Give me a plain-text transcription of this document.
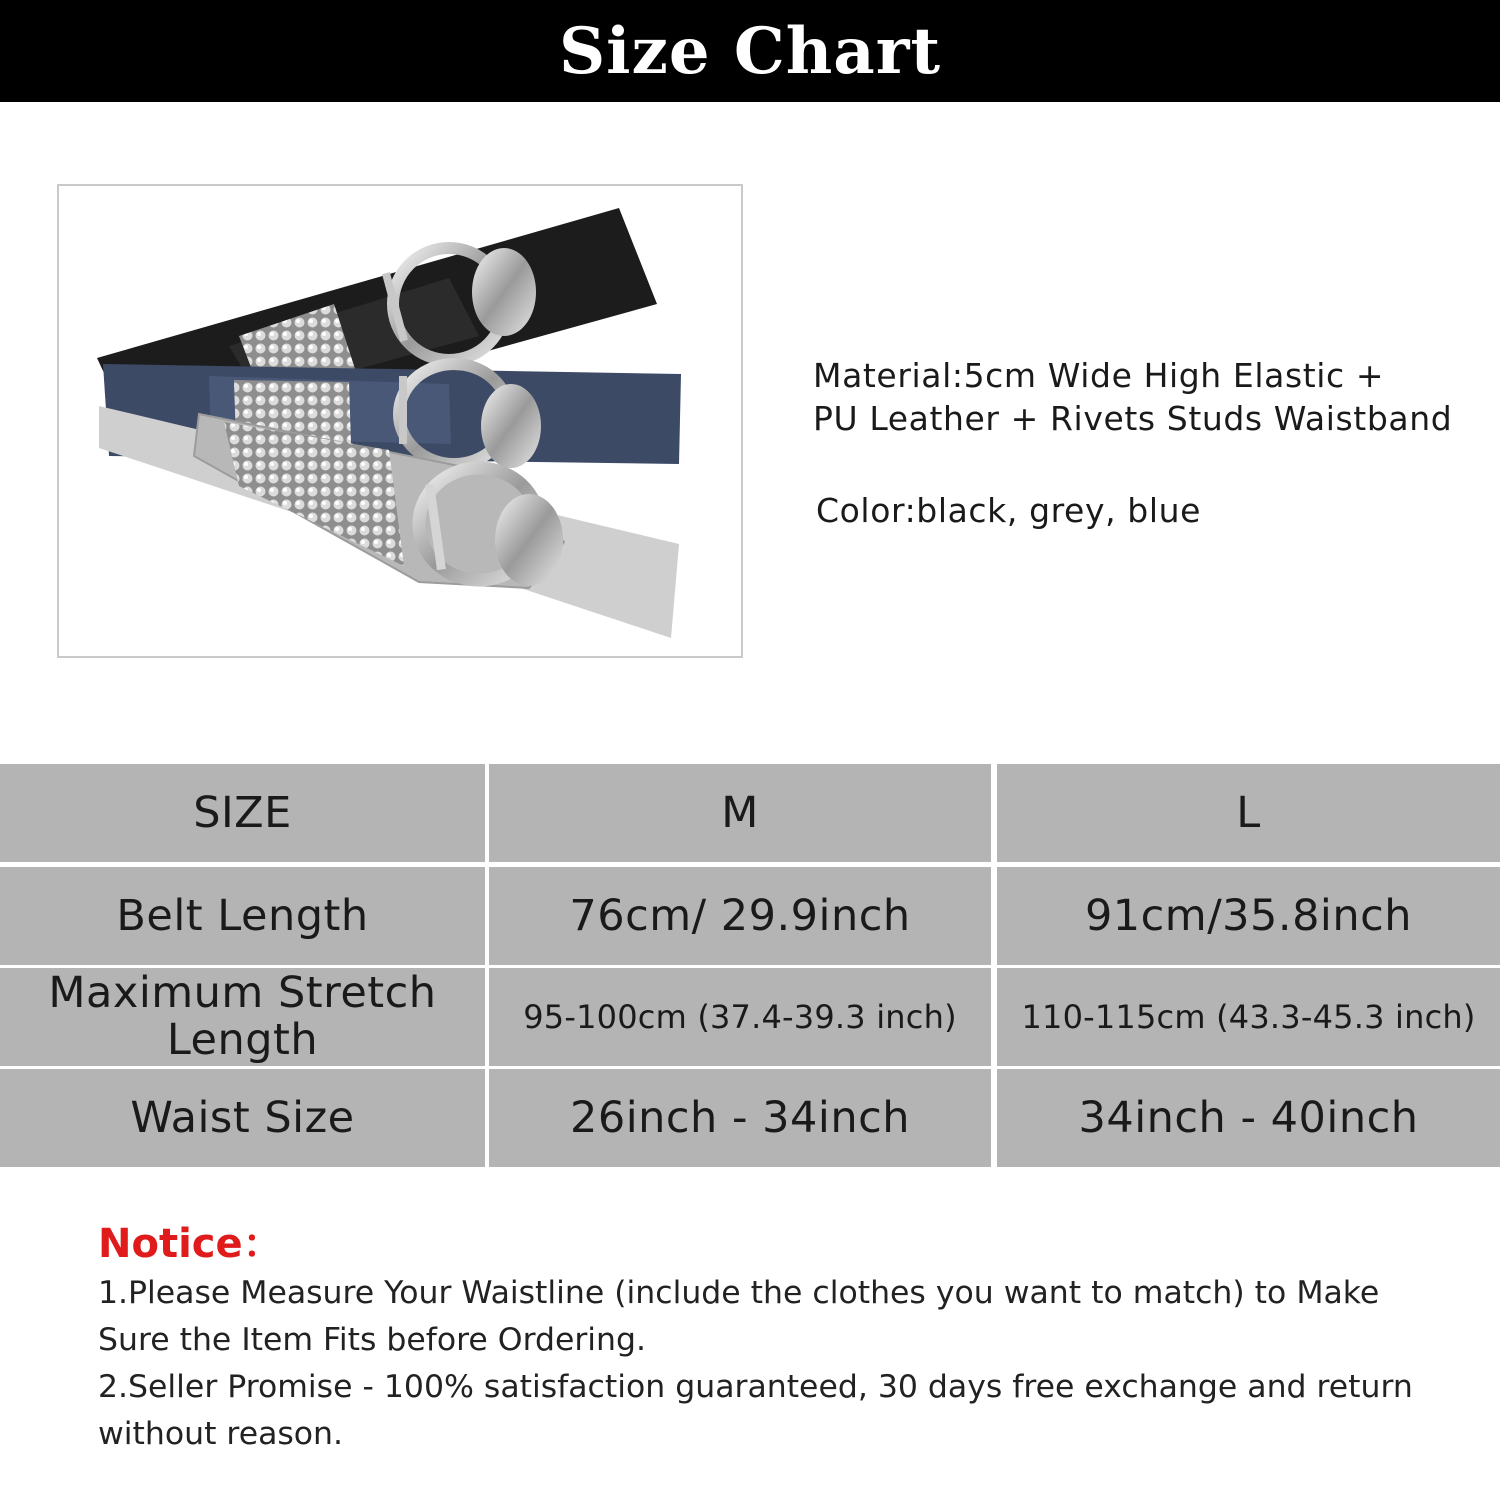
Size Chart
Material:5cm Wide High Elastic +
PU Leather + Rivets Studs Waistband
Color:black, grey, blue
SIZE	M	L
Belt Length	76cm/ 29.9inch	91cm/35.8inch
Maximum Stretch
Length	95-100cm (37.4-39.3 inch)	110-115cm (43.3-45.3 inch)
Waist Size	26inch - 34inch	34inch - 40inch
Notice：
1.Please Measure Your Waistline (include the clothes you want to match) to Make
Sure the Item Fits before Ordering.
2.Seller Promise - 100% satisfaction guaranteed, 30 days free exchange and return
without reason.
